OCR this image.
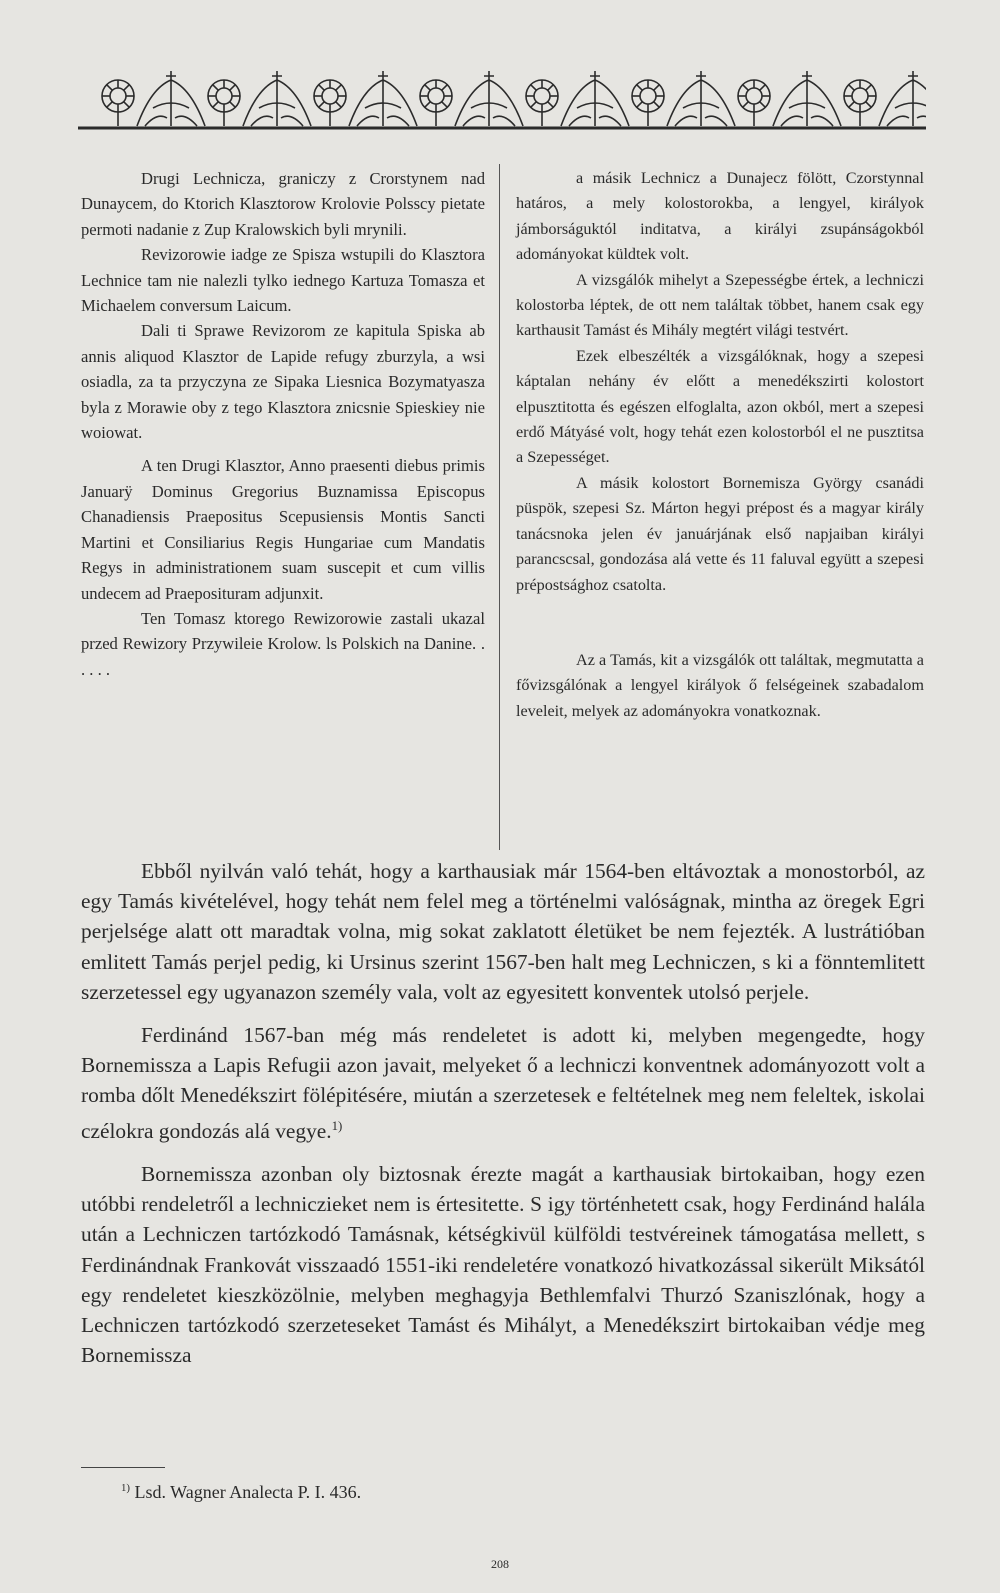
Drugi Lechnicza, graniczy z Crorstynem nad Dunaycem, do Ktorich Klasztorow Krolovie Polsscy pietate permoti nadanie z Zup Kralowskich byli mrynili.

Revizorowie iadge ze Spisza wstupili do Klasztora Lechnice tam nie nalezli tylko iednego Kartuza Tomasza et Michaelem conversum Laicum.

Dali ti Sprawe Revizorom ze kapitula Spiska ab annis aliquod Klasztor de Lapide refugy zburzyla, a wsi osiadla, za ta przyczyna ze Sipaka Liesnica Bozymatyasza byla z Morawie oby z tego Klasztora znicsnie Spieskiey nie woiowat.

A ten Drugi Klasztor, Anno praesenti diebus primis Januarÿ Dominus Gregorius Buznamissa Episcopus Chanadiensis Praepositus Scepusiensis Montis Sancti Martini et Consiliarius Regis Hungariae cum Mandatis Regys in administrationem suam suscepit et cum villis undecem ad Praeposituram adjunxit.

Ten Tomasz ktorego Rewizorowie zastali ukazal przed Rewizory Przywileie Krolow. ls Polskich na Danine. . . . . .

a másik Lechnicz a Dunajecz fölött, Czorstynnal határos, a mely kolostorokba, a lengyel, királyok jámborságuktól inditatva, a királyi zsupánságokból adományokat küldtek volt.

A vizsgálók mihelyt a Szepességbe értek, a lechniczi kolostorba léptek, de ott nem találtak többet, hanem csak egy karthausit Tamást és Mihály megtért világi testvért.

Ezek elbeszélték a vizsgálóknak, hogy a szepesi káptalan nehány év előtt a menedékszirti kolostort elpusztitotta és egészen elfoglalta, azon okból, mert a szepesi erdő Mátyásé volt, hogy tehát ezen kolostorból el ne pusztitsa a Szepességet.

A másik kolostort Bornemisza György csanádi püspök, szepesi Sz. Márton hegyi prépost és a magyar király tanácsnoka jelen év januárjának első napjaiban királyi parancscsal, gondozása alá vette és 11 faluval együtt a szepesi prépostsághoz csatolta.

Az a Tamás, kit a vizsgálók ott találtak, megmutatta a fővizsgálónak a lengyel királyok ő felségeinek szabadalom leveleit, melyek az adományokra vonatkoznak.

Ebből nyilván való tehát, hogy a karthausiak már 1564-ben eltávoztak a monostorból, az egy Tamás kivételével, hogy tehát nem felel meg a történelmi valóságnak, mintha az öregek Egri perjelsége alatt ott maradtak volna, mig sokat zaklatott életüket be nem fejezték. A lustrátióban emlitett Tamás perjel pedig, ki Ursinus szerint 1567-ben halt meg Lechniczen, s ki a fönntemlitett szerzetessel egy ugyanazon személy vala, volt az egyesitett konventek utolsó perjele.

Ferdinánd 1567-ban még más rendeletet is adott ki, melyben megengedte, hogy Bornemissza a Lapis Refugii azon javait, melyeket ő a lechniczi konventnek adományozott volt a romba dőlt Menedékszirt fölépitésére, miután a szerzetesek e feltételnek meg nem feleltek, iskolai czélokra gondozás alá vegye.$^{1)}$

Bornemissza azonban oly biztosnak érezte magát a karthausiak birtokaiban, hogy ezen utóbbi rendeletről a lechniczieket nem is értesitette. S igy történhetett csak, hogy Ferdinánd halála után a Lechniczen tartózkodó Tamásnak, kétségkivül külföldi testvéreinek támogatása mellett, s Ferdinándnak Frankovát visszaadó 1551-iki rendeletére vonatkozó hivatkozással sikerült Miksától egy rendeletet kieszközölnie, melyben meghagyja Bethlemfalvi Thurzó Szaniszlónak, hogy a Lechniczen tartózkodó szerzeteseket Tamást és Mihályt, a Menedékszirt birtokaiban védje meg Bornemissza

$^{1)}$ Lsd. Wagner Analecta P. I. 436.
208
